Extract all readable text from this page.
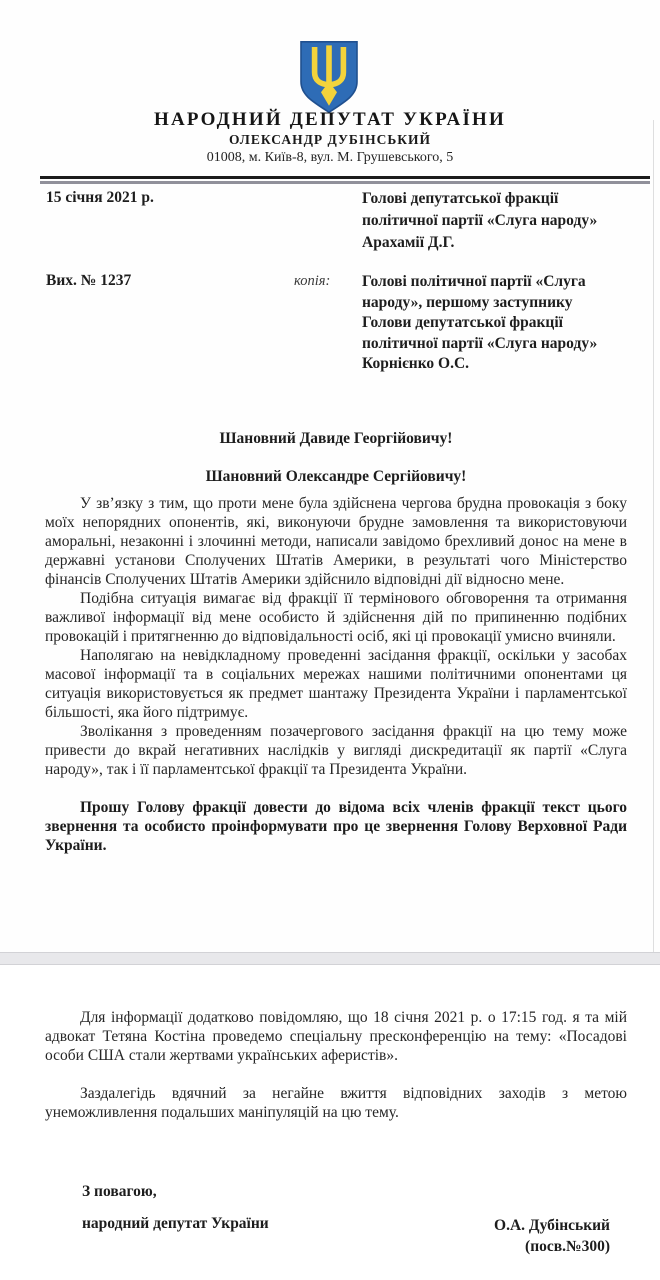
НАРОДНИЙ ДЕПУТАТ УКРАЇНИ
ОЛЕКСАНДР ДУБІНСЬКИЙ
01008, м. Київ-8, вул. М. Грушевського, 5
15 січня 2021 р.	Голові депутатської фракції
політичної партії «Слуга народу»
Арахамії Д.Г.
Вих. № 1237	копія: Голові політичної партії «Слуга
народу», першому заступнику
Голови депутатської фракції
політичної партії «Слуга народу»
Корнієнко О.С.
Шановний Давиде Георгійовичу!
Шановний Олександре Сергійовичу!

У зв’язку з тим, що проти мене була здійснена чергова брудна провокація з боку моїх непорядних опонентів, які, виконуючи брудне замовлення та використовуючи аморальні, незаконні і злочинні методи, написали завідомо брехливий донос на мене в державні установи Сполучених Штатів Америки, в результаті чого Міністерство фінансів Сполучених Штатів Америки здійснило відповідні дії відносно мене.

Подібна ситуація вимагає від фракції її термінового обговорення та отримання важливої інформації від мене особисто й здійснення дій по припиненню подібних провокацій і притягненню до відповідальності осіб, які ці провокації умисно вчиняли.

Наполягаю на невідкладному проведенні засідання фракції, оскільки у засобах масової інформації та в соціальних мережах нашими політичними опонентами ця ситуація використовується як предмет шантажу Президента України і парламентської більшості, яка його підтримує.

Зволікання з проведенням позачергового засідання фракції на цю тему може привести до вкрай негативних наслідків у вигляді дискредитації як партії «Слуга народу», так і її парламентської фракції та Президента України.

Прошу Голову фракції довести до відома всіх членів фракції текст цього звернення та особисто проінформувати про це звернення Голову Верховної Ради України.

Для інформації додатково повідомляю, що 18 січня 2021 р. о 17:15 год. я та мій адвокат Тетяна Костіна проведемо спеціальну пресконференцію на тему: «Посадові особи США стали жертвами українських аферистів».

Заздалегідь вдячний за негайне вжиття відповідних заходів з метою унеможливлення подальших маніпуляцій на цю тему.

З повагою,
народний депутат України	О.А. Дубінський
(посв.№300)
